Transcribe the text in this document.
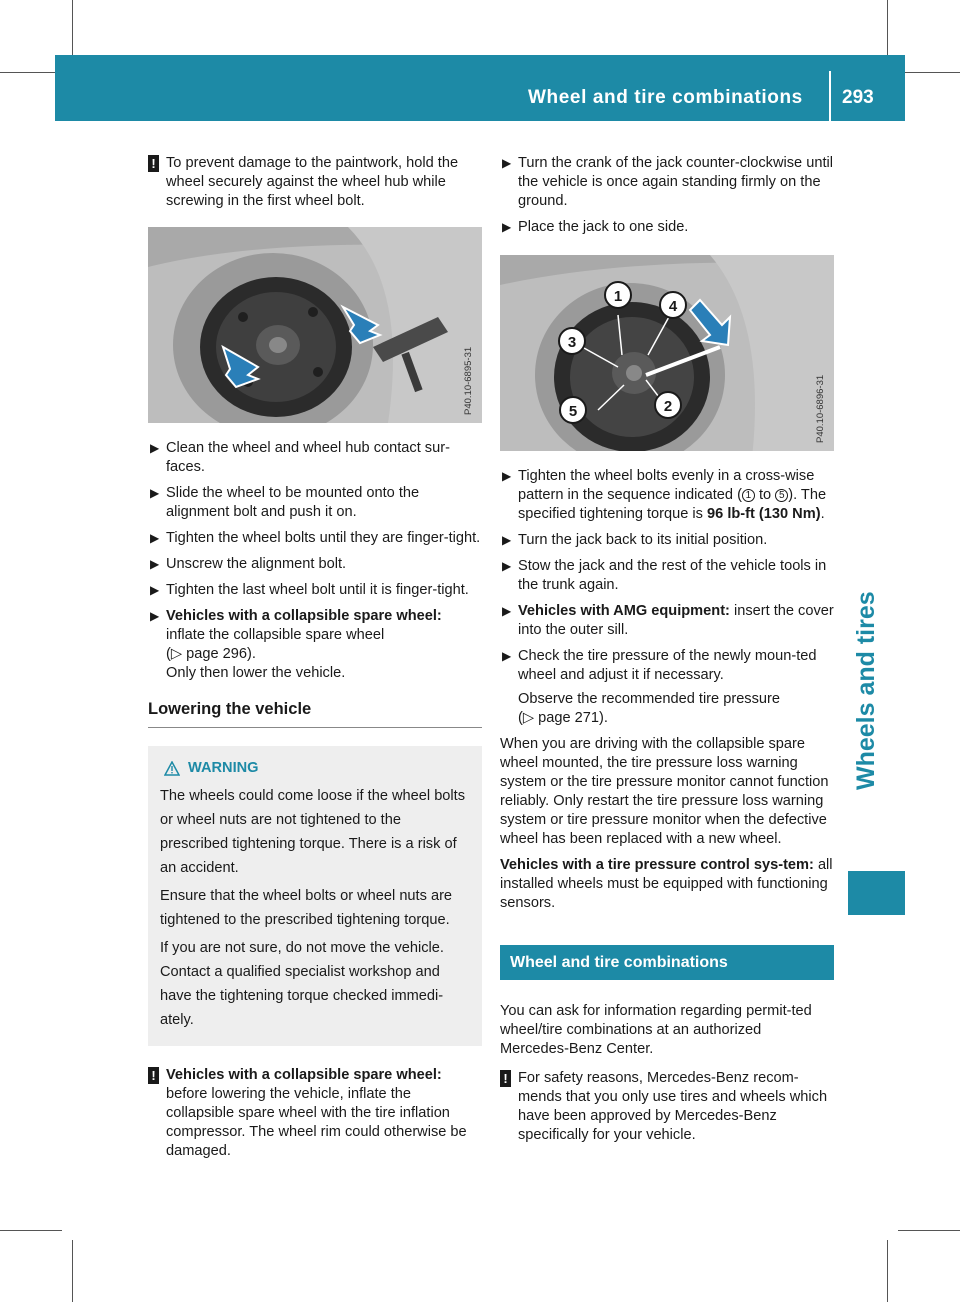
Wheel and tire combinations 293
Wheels and tires
! To prevent damage to the paintwork, hold the wheel securely against the wheel hub while screwing in the first wheel bolt.
P40.10-6895-31
▶ Clean the wheel and wheel hub contact sur-faces.
▶ Slide the wheel to be mounted onto the alignment bolt and push it on.
▶ Tighten the wheel bolts until they are finger-tight.
▶ Unscrew the alignment bolt.
▶ Tighten the last wheel bolt until it is finger-tight.
▶ Vehicles with a collapsible spare wheel:
inflate the collapsible spare wheel
(▷ page 296).
Only then lower the vehicle.
Lowering the vehicle
WARNING

The wheels could come loose if the wheel bolts or wheel nuts are not tightened to the prescribed tightening torque. There is a risk of an accident.

Ensure that the wheel bolts or wheel nuts are tightened to the prescribed tightening torque.

If you are not sure, do not move the vehicle. Contact a qualified specialist workshop and have the tightening torque checked immedi-ately.

! Vehicles with a collapsible spare wheel: before lowering the vehicle, inflate the collapsible spare wheel with the tire inflation compressor. The wheel rim could otherwise be damaged.
▶ Turn the crank of the jack counter-clockwise until the vehicle is once again standing firmly on the ground.
▶ Place the jack to one side.
1
4
3
5	2	P40.10-6896-31
▶ Tighten the wheel bolts evenly in a cross-wise pattern in the sequence indicated ( 1 to 5 ). The specified tightening torque is 96 lb-ft (130 Nm).
▶ Turn the jack back to its initial position.
▶ Stow the jack and the rest of the vehicle tools in the trunk again.
▶ Vehicles with AMG equipment: insert the cover into the outer sill.
▶ Check the tire pressure of the newly moun-ted wheel and adjust it if necessary.
Observe the recommended tire pressure
(▷ page 271).

When you are driving with the collapsible spare wheel mounted, the tire pressure loss warning system or the tire pressure monitor cannot function reliably. Only restart the tire pressure loss warning system or tire pressure monitor when the defective wheel has been replaced with a new wheel.

Vehicles with a tire pressure control sys-tem: all installed wheels must be equipped with functioning sensors.

Wheel and tire combinations

You can ask for information regarding permit-ted wheel/tire combinations at an authorized Mercedes-Benz Center.

! For safety reasons, Mercedes-Benz recom-mends that you only use tires and wheels which have been approved by Mercedes-Benz specifically for your vehicle.
